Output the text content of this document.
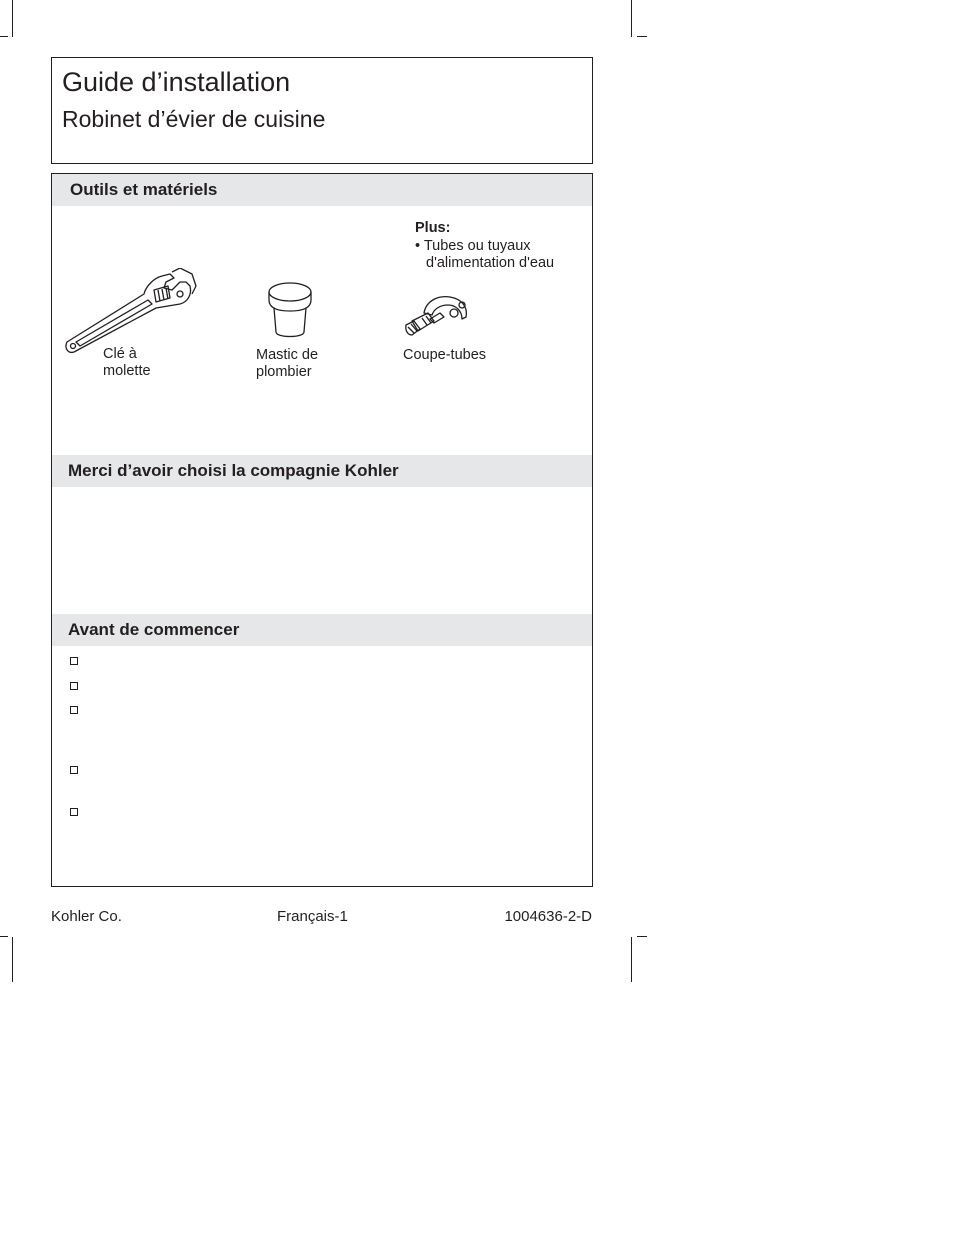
Guide d’installation
Robinet d’évier de cuisine
Outils et matériels
Plus:
• Tubes ou tuyaux
d'alimentation d'eau
Clé à
molette
Mastic de
plombier
Coupe-tubes
Merci d’avoir choisi la compagnie Kohler
Avant de commencer
Kohler Co.	Français-1	1004636-2-D
